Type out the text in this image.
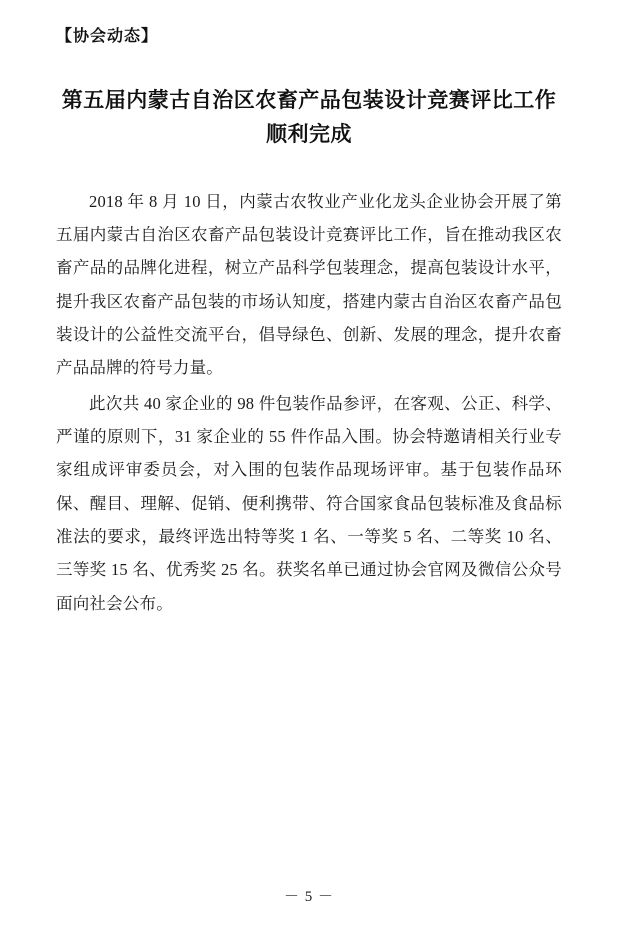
【协会动态】
第五届内蒙古自治区农畜产品包装设计竞赛评比工作顺利完成

2018 年 8 月 10 日，内蒙古农牧业产业化龙头企业协会开展了第五届内蒙古自治区农畜产品包装设计竞赛评比工作，旨在推动我区农畜产品的品牌化进程，树立产品科学包装理念，提高包装设计水平，提升我区农畜产品包装的市场认知度，搭建内蒙古自治区农畜产品包装设计的公益性交流平台，倡导绿色、创新、发展的理念，提升农畜产品品牌的符号力量。

此次共 40 家企业的 98 件包装作品参评，在客观、公正、科学、严谨的原则下，31 家企业的 55 件作品入围。协会特邀请相关行业专家组成评审委员会，对入围的包装作品现场评审。基于包装作品环保、醒目、理解、促销、便利携带、符合国家食品包装标准及食品标准法的要求，最终评选出特等奖 1 名、一等奖 5 名、二等奖 10 名、三等奖 15 名、优秀奖 25 名。获奖名单已通过协会官网及微信公众号面向社会公布。

－ 5 －
